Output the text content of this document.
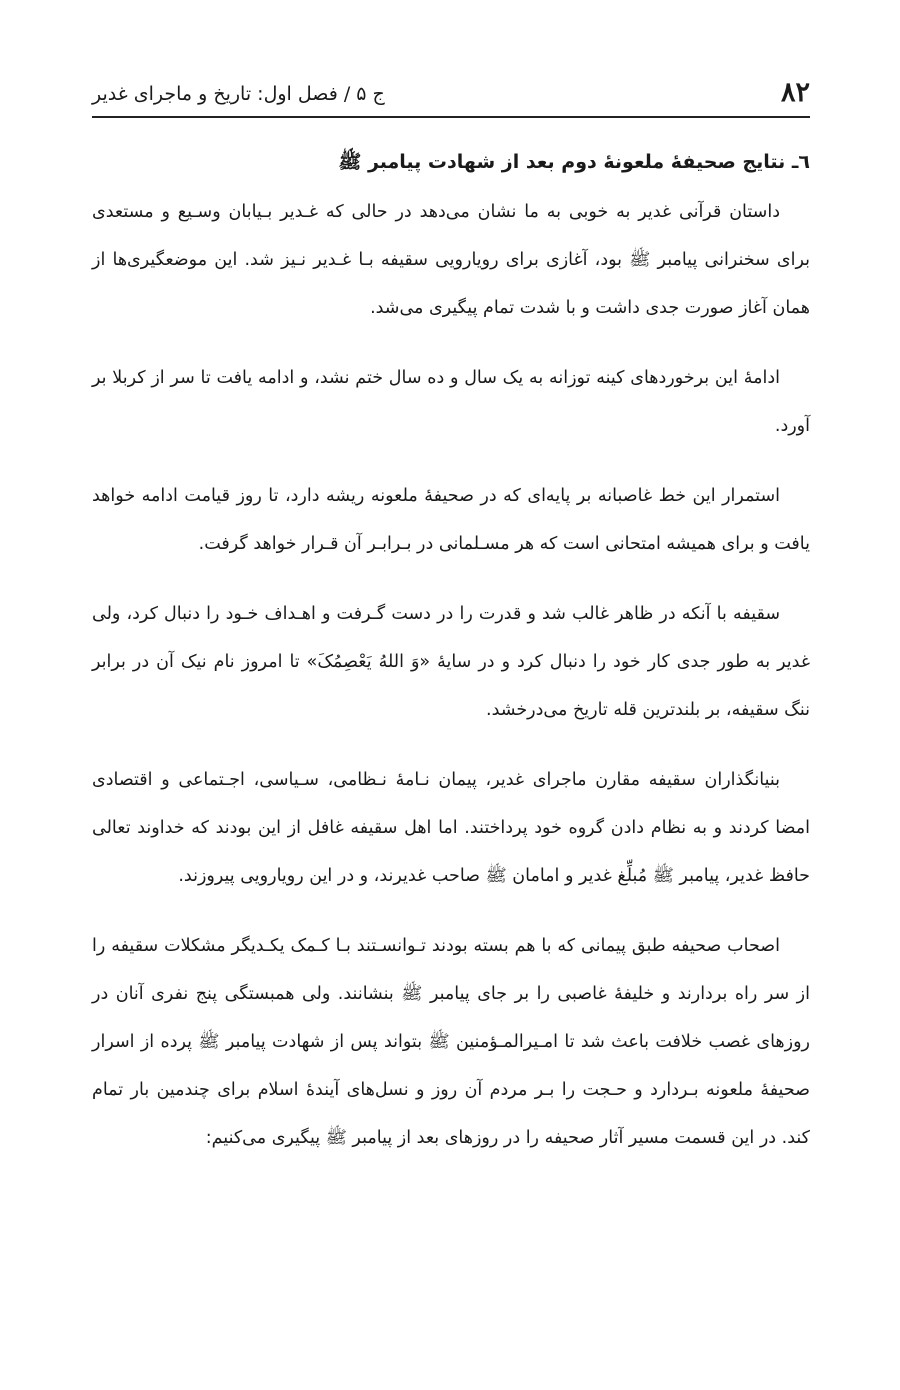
۸۲
ج ۵ / فصل اول: تاریخ و ماجرای غدیر
٦ـ نتایج صحیفهٔ ملعونهٔ دوم بعد از شهادت پیامبر ﷺ

داستان قرآنی غدیر به خوبی به ما نشان می‌دهد در حالی که غـدیر بـیابان وسـیع و مستعدی برای سخنرانی پیامبر ﷺ بود، آغازی برای رویارویی سقیفه بـا غـدیر نـیز شد. این موضعگیری‌ها از همان آغاز صورت جدی داشت و با شدت تمام پیگیری می‌شد.

ادامهٔ این برخوردهای کینه توزانه به یک سال و ده سال ختم نشد، و ادامه یافت تا سر از کربلا بر آورد.

استمرار این خط غاصبانه بر پایه‌ای که در صحیفهٔ ملعونه ریشه دارد، تا روز قیامت ادامه خواهد یافت و برای همیشه امتحانی است که هر مسـلمانی در بـرابـر آن قـرار خواهد گرفت.

سقیفه با آنکه در ظاهر غالب شد و قدرت را در دست گـرفت و اهـداف خـود را دنبال کرد، ولی غدیر به طور جدی کار خود را دنبال کرد و در سایهٔ «وَ اللهُ یَعْصِمُکَ» تا امروز نام نیک آن در برابر ننگ سقیفه، بر بلندترین قله تاریخ می‌درخشد.

بنیانگذاران سقیفه مقارن ماجرای غدیر، پیمان نـامهٔ نـظامی، سـیاسی، اجـتماعی و اقتصادی امضا کردند و به نظام دادن گروه خود پرداختند. اما اهل سقیفه غافل از این بودند که خداوند تعالی حافظ غدیر، پیامبر ﷺ مُبلِّغ غدیر و امامان ﷺ صاحب غدیرند، و در این رویارویی پیروزند.

اصحاب صحیفه طبق پیمانی که با هم بسته بودند تـوانسـتند بـا کـمک یکـدیگر مشکلات سقیفه را از سر راه بردارند و خلیفهٔ غاصبی را بر جای پیامبر ﷺ بنشانند. ولی همبستگی پنج نفری آنان در روزهای غصب خلافت باعث شد تا امـیرالمـؤمنین ﷺ بتواند پس از شهادت پیامبر ﷺ پرده از اسرار صحیفهٔ ملعونه بـردارد و حـجت را بـر مردم آن روز و نسل‌های آیندهٔ اسلام برای چندمین بار تمام کند. در این قسمت مسیر آثار صحیفه را در روزهای بعد از پیامبر ﷺ پیگیری می‌کنیم:
